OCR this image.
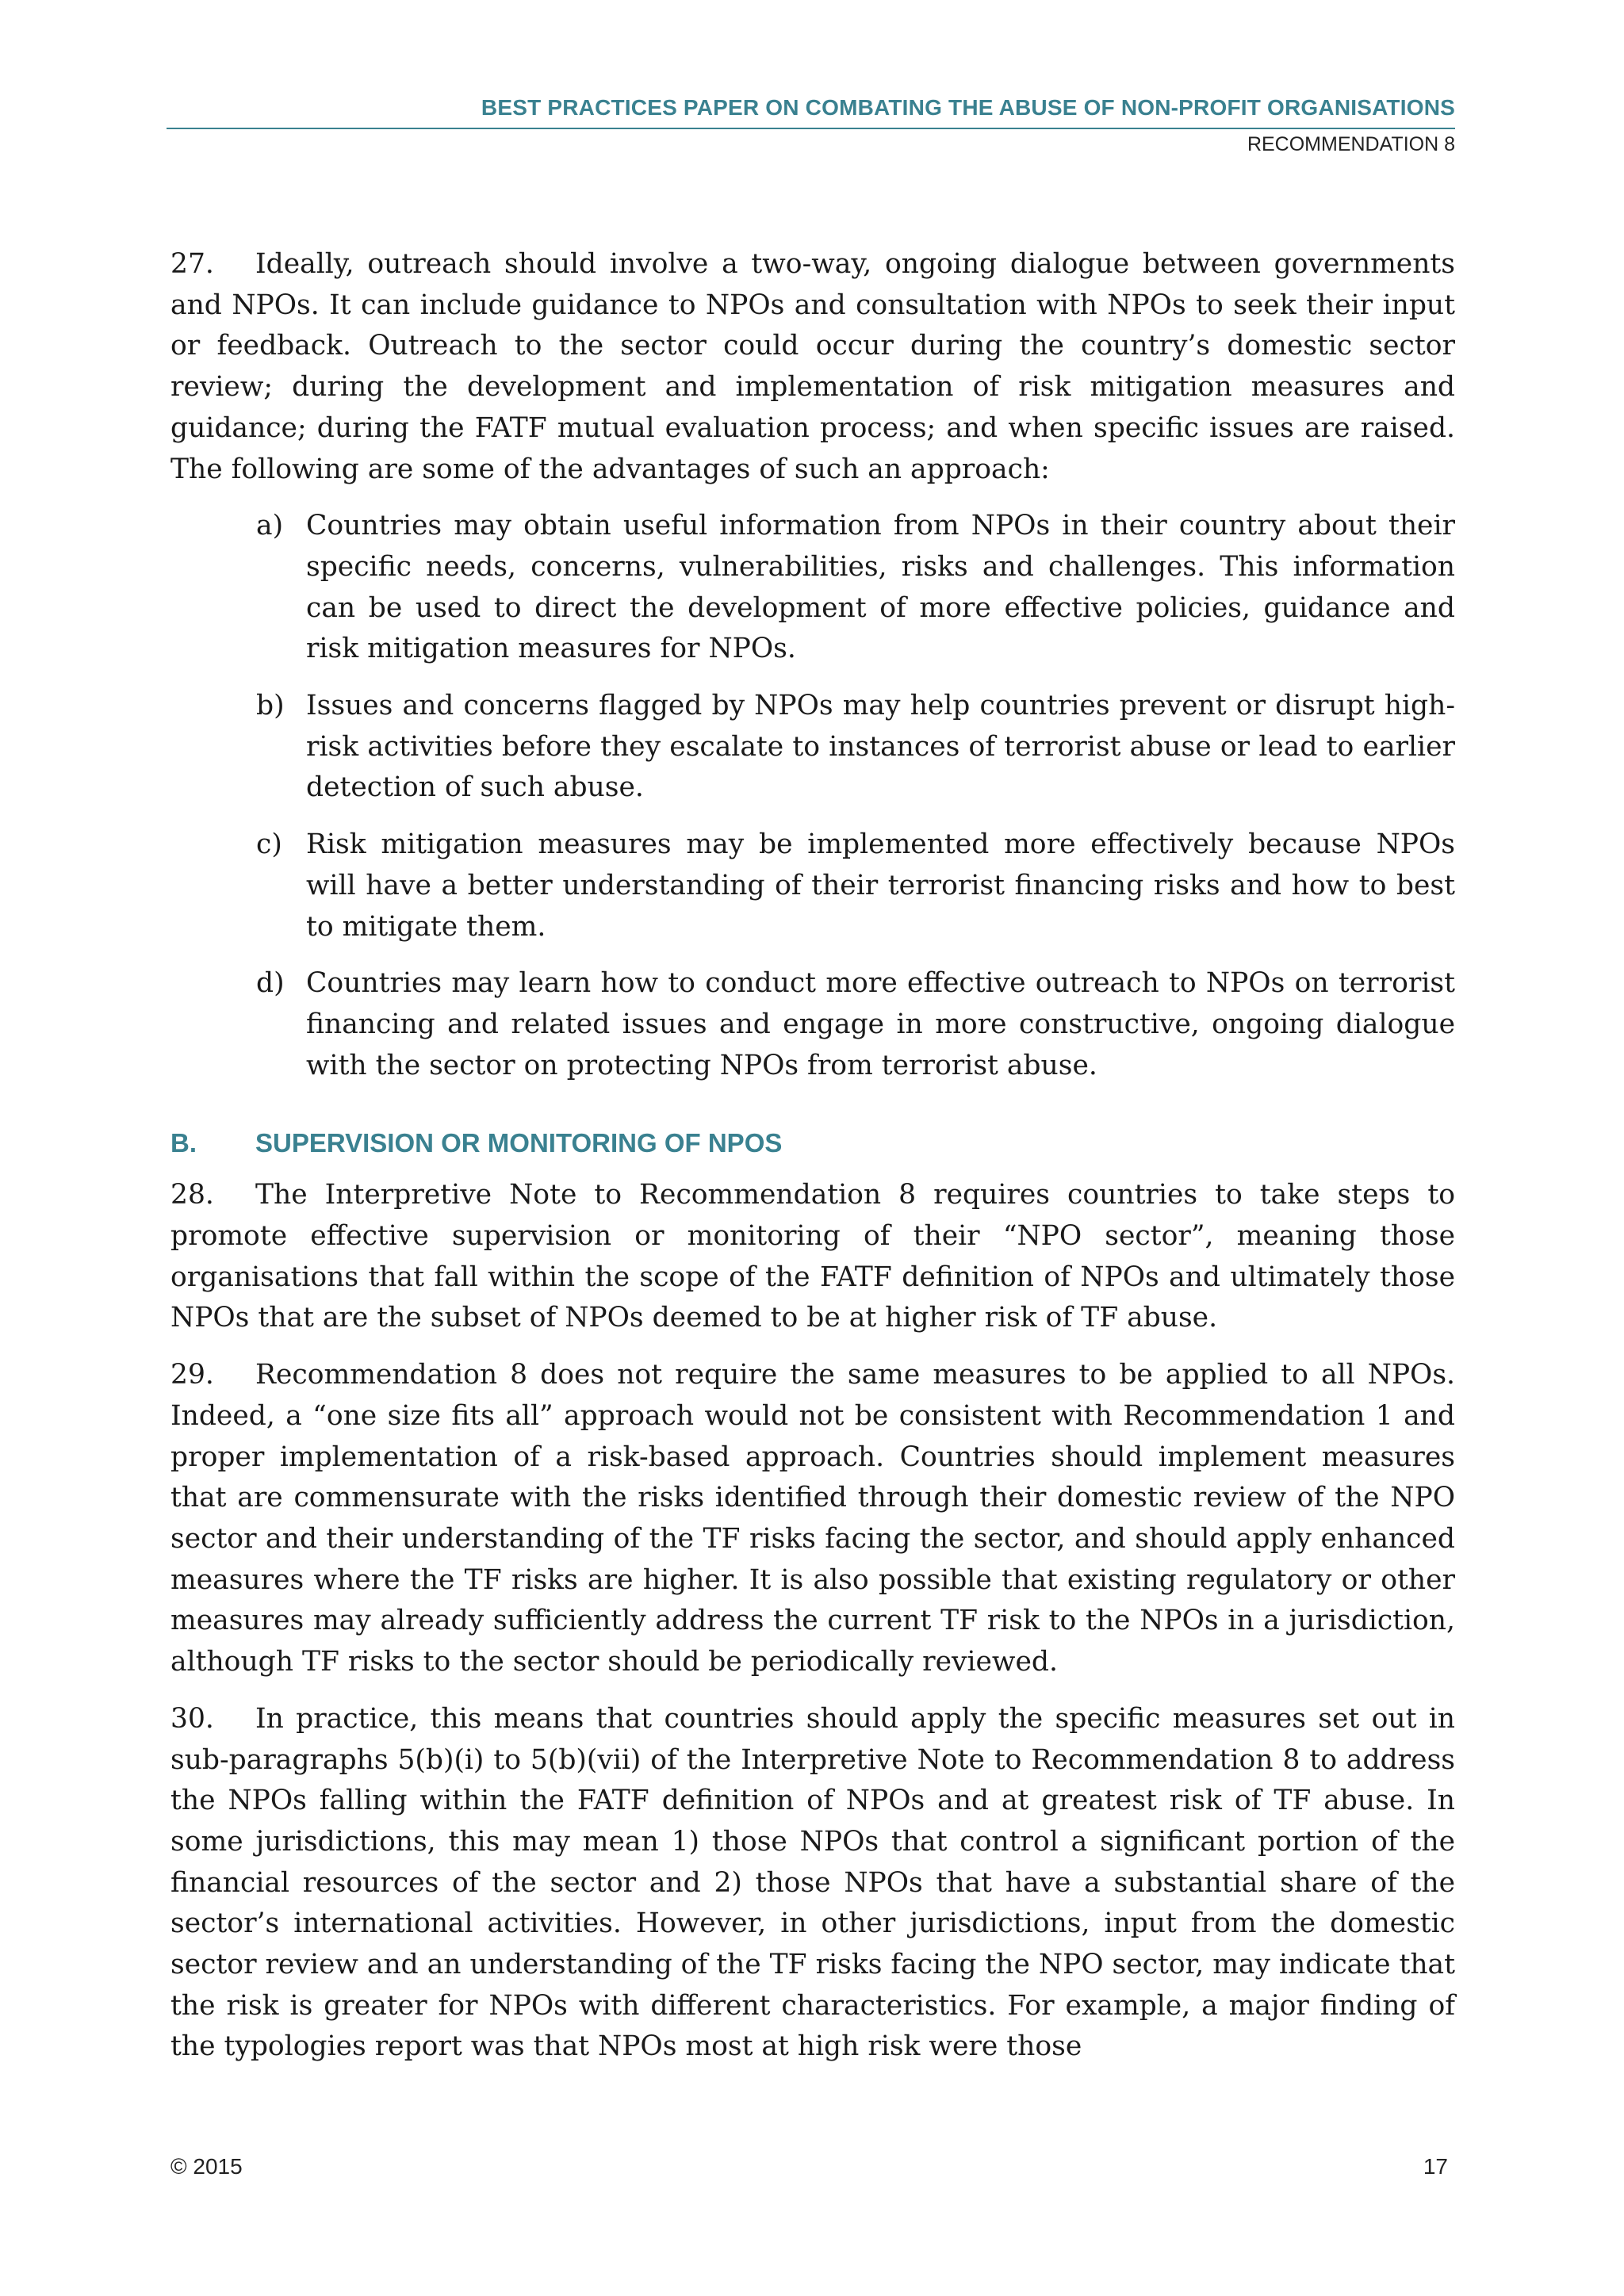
BEST PRACTICES PAPER ON COMBATING THE ABUSE OF NON-PROFIT ORGANISATIONS
RECOMMENDATION 8

27. Ideally, outreach should involve a two-way, ongoing dialogue between governments and NPOs. It can include guidance to NPOs and consultation with NPOs to seek their input or feedback. Outreach to the sector could occur during the country’s domestic sector review; during the development and implementation of risk mitigation measures and guidance; during the FATF mutual evaluation process; and when specific issues are raised. The following are some of the advantages of such an approach:

a) Countries may obtain useful information from NPOs in their country about their specific needs, concerns, vulnerabilities, risks and challenges. This information can be used to direct the development of more effective policies, guidance and risk mitigation measures for NPOs.
b) Issues and concerns flagged by NPOs may help countries prevent or disrupt high-risk activities before they escalate to instances of terrorist abuse or lead to earlier detection of such abuse.
c) Risk mitigation measures may be implemented more effectively because NPOs will have a better understanding of their terrorist financing risks and how to best to mitigate them.
d) Countries may learn how to conduct more effective outreach to NPOs on terrorist financing and related issues and engage in more constructive, ongoing dialogue with the sector on protecting NPOs from terrorist abuse.
B. SUPERVISION OR MONITORING OF NPOS

28. The Interpretive Note to Recommendation 8 requires countries to take steps to promote effective supervision or monitoring of their “NPO sector”, meaning those organisations that fall within the scope of the FATF definition of NPOs and ultimately those NPOs that are the subset of NPOs deemed to be at higher risk of TF abuse.

29. Recommendation 8 does not require the same measures to be applied to all NPOs. Indeed, a “one size fits all” approach would not be consistent with Recommendation 1 and proper implementation of a risk-based approach. Countries should implement measures that are commensurate with the risks identified through their domestic review of the NPO sector and their understanding of the TF risks facing the sector, and should apply enhanced measures where the TF risks are higher. It is also possible that existing regulatory or other measures may already sufficiently address the current TF risk to the NPOs in a jurisdiction, although TF risks to the sector should be periodically reviewed.

30. In practice, this means that countries should apply the specific measures set out in sub-paragraphs 5(b)(i) to 5(b)(vii) of the Interpretive Note to Recommendation 8 to address the NPOs falling within the FATF definition of NPOs and at greatest risk of TF abuse. In some jurisdictions, this may mean 1) those NPOs that control a significant portion of the financial resources of the sector and 2) those NPOs that have a substantial share of the sector’s international activities. However, in other jurisdictions, input from the domestic sector review and an understanding of the TF risks facing the NPO sector, may indicate that the risk is greater for NPOs with different characteristics. For example, a major finding of the typologies report was that NPOs most at high risk were those

© 2015	17
